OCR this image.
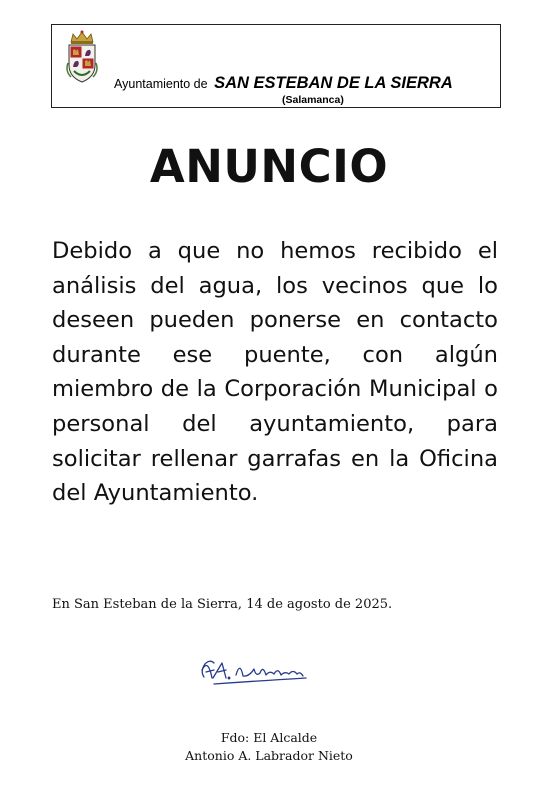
Ayuntamiento de SAN ESTEBAN DE LA SIERRA
(Salamanca)
ANUNCIO

Debido a que no hemos recibido el análisis del agua, los vecinos que lo deseen pueden ponerse en contacto durante ese puente, con algún miembro de la Corporación Municipal o personal del ayuntamiento, para solicitar rellenar garrafas en la Oficina del Ayuntamiento.

En San Esteban de la Sierra, 14 de agosto de 2025.
Fdo: El Alcalde
Antonio A. Labrador Nieto
